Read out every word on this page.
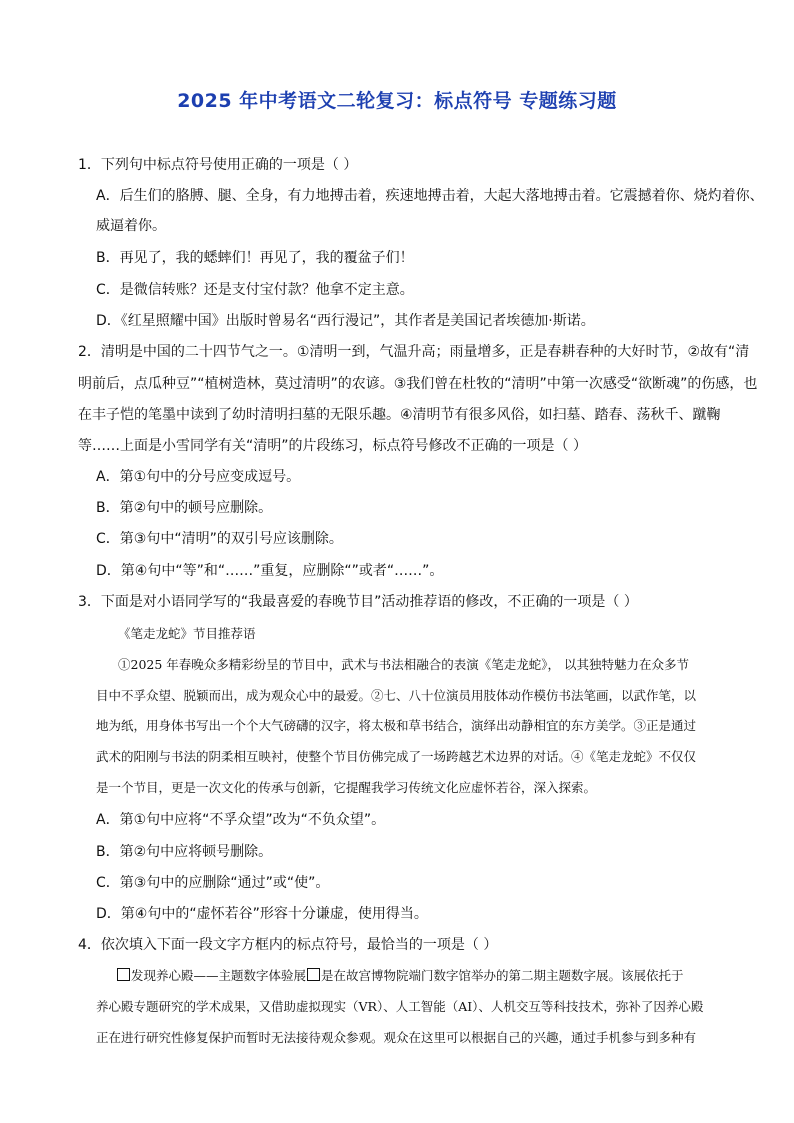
2025 年中考语文二轮复习：标点符号 专题练习题
1．下列句中标点符号使用正确的一项是（ ）
A．后生们的胳膊、腿、全身，有力地搏击着，疾速地搏击着，大起大落地搏击着。它震撼着你、烧灼着你、
威逼着你。
B．再见了，我的蟋蟀们！再见了，我的覆盆子们！
C．是微信转账？还是支付宝付款？他拿不定主意。
D．《红星照耀中国》出版时曾易名“西行漫记”，其作者是美国记者埃德加·斯诺。
2．清明是中国的二十四节气之一。①清明一到，气温升高；雨量增多，正是春耕春种的大好时节，②故有“清
明前后，点瓜种豆”“植树造林，莫过清明”的农谚。③我们曾在杜牧的“清明”中第一次感受“欲断魂”的伤感，也
在丰子恺的笔墨中读到了幼时清明扫墓的无限乐趣。④清明节有很多风俗，如扫墓、踏春、荡秋千、蹴鞠
等……上面是小雪同学有关“清明”的片段练习，标点符号修改不正确的一项是（ ）
A．第①句中的分号应变成逗号。
B．第②句中的顿号应删除。
C．第③句中“清明”的双引号应该删除。
D．第④句中“等”和“……”重复，应删除“”或者“……”。
3．下面是对小语同学写的“我最喜爱的春晚节目”活动推荐语的修改，不正确的一项是（ ）
《笔走龙蛇》节目推荐语
①2025 年春晚众多精彩纷呈的节目中，武术与书法相融合的表演《笔走龙蛇》， 以其独特魅力在众多节
目中不孚众望、脱颖而出，成为观众心中的最爱。②七、八十位演员用肢体动作模仿书法笔画，以武作笔，以
地为纸，用身体书写出一个个大气磅礴的汉字，将太极和草书结合，演绎出动静相宜的东方美学。③正是通过
武术的阳刚与书法的阴柔相互映衬，使整个节目仿佛完成了一场跨越艺术边界的对话。④《笔走龙蛇》不仅仅
是一个节目，更是一次文化的传承与创新，它提醒我学习传统文化应虚怀若谷，深入探索。
A．第①句中应将“不孚众望”改为“不负众望”。
B．第②句中应将顿号删除。
C．第③句中的应删除“通过”或“使”。
D．第④句中的“虚怀若谷”形容十分谦虚，使用得当。
4．依次填入下面一段文字方框内的标点符号，最恰当的一项是（ ）
发现养心殿——主题数字体验展 是在故宫博物院端门数字馆举办的第二期主题数字展。该展依托于
养心殿专题研究的学术成果，又借助虚拟现实（VR）、人工智能（AI）、人机交互等科技技术，弥补了因养心殿
正在进行研究性修复保护而暂时无法接待观众参观。观众在这里可以根据自己的兴趣，通过手机参与到多种有
